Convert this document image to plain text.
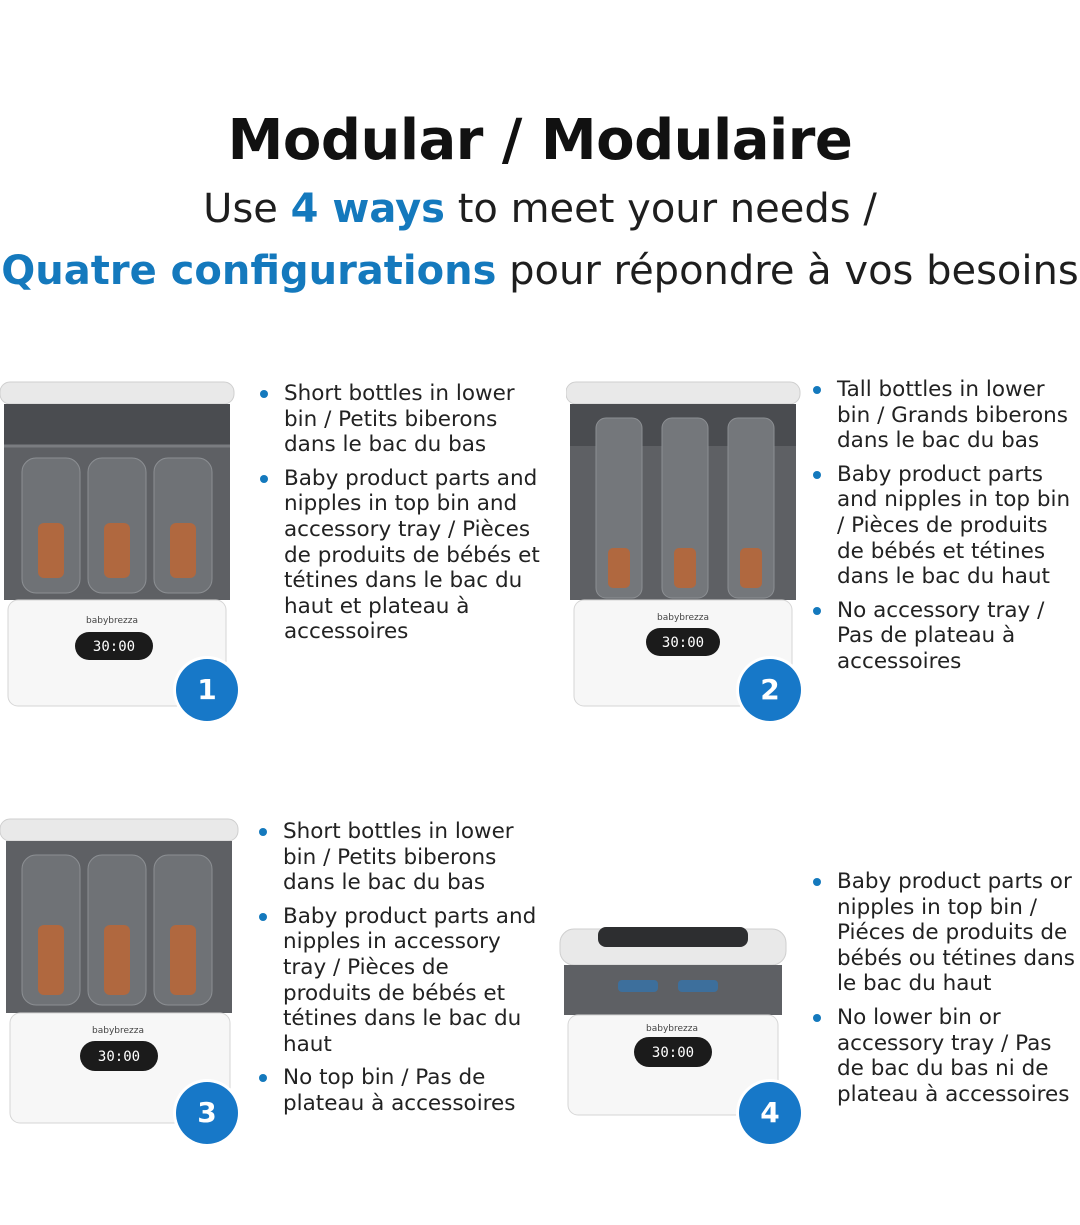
Modular / Modulaire
Use 4 ways to meet your needs /
Quatre configurations pour répondre à vos besoins
30:00
babybrezza
Short bottles in lower bin / Petits biberons dans le bac du bas
Baby product parts and nipples in top bin and accessory tray / Pièces de produits de bébés et tétines dans le bac du haut et plateau à accessoires
1
30:00
babybrezza
Tall bottles in lower bin / Grands biberons dans le bac du bas
Baby product parts and nipples in top bin / Pièces de produits de bébés et tétines dans le bac du haut
No accessory tray / Pas de plateau à accessoires
2
30:00
babybrezza
Short bottles in lower bin / Petits biberons dans le bac du bas
Baby product parts and nipples in accessory tray / Pièces de produits de bébés et tétines dans le bac du haut
No top bin / Pas de plateau à accessoires
3
30:00
babybrezza
Baby product parts or nipples in top bin / Piéces de produits de bébés ou tétines dans le bac du haut
No lower bin or accessory tray / Pas de bac du bas ni de plateau à accessoires
4
